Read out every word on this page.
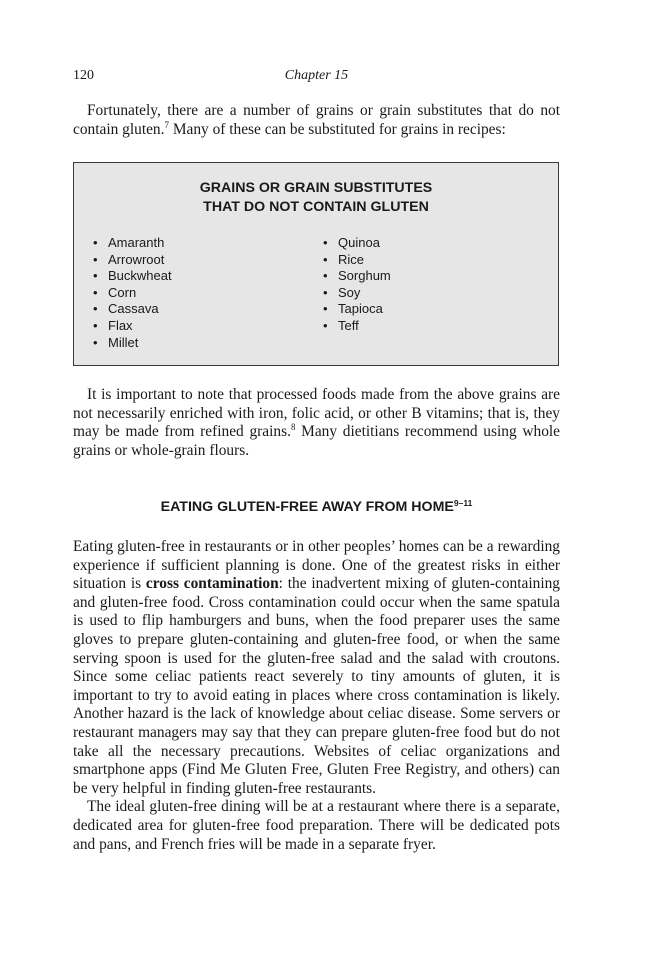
120	Chapter 15

Fortunately, there are a number of grains or grain substitutes that do not contain gluten.$^7$ Many of these can be substituted for grains in recipes:

GRAINS OR GRAIN SUBSTITUTES
THAT DO NOT CONTAIN GLUTEN
• Amaranth
• Arrowroot
• Buckwheat
• Corn
• Cassava
• Flax
• Millet
• Quinoa
• Rice
• Sorghum
• Soy
• Tapioca
• Teff

It is important to note that processed foods made from the above grains are not necessarily enriched with iron, folic acid, or other B vitamins; that is, they may be made from refined grains.$^8$ Many dietitians recommend using whole grains or whole-grain flours.

EATING GLUTEN-FREE AWAY FROM HOME$^{9-11}$

Eating gluten-free in restaurants or in other peoples’ homes can be a rewarding experience if sufficient planning is done. One of the greatest risks in either situation is cross contamination: the inadvertent mixing of gluten-containing and gluten-free food. Cross contamination could occur when the same spatula is used to flip hamburgers and buns, when the food preparer uses the same gloves to prepare gluten-containing and gluten-free food, or when the same serving spoon is used for the gluten-free salad and the salad with croutons. Since some celiac patients react severely to tiny amounts of gluten, it is important to try to avoid eating in places where cross contamination is likely. Another hazard is the lack of knowledge about celiac disease. Some servers or restaurant managers may say that they can prepare gluten-free food but do not take all the necessary precautions. Websites of celiac organizations and smartphone apps (Find Me Gluten Free, Gluten Free Registry, and others) can be very helpful in finding gluten-free restaurants.

The ideal gluten-free dining will be at a restaurant where there is a separate, dedicated area for gluten-free food preparation. There will be dedicated pots and pans, and French fries will be made in a separate fryer.
